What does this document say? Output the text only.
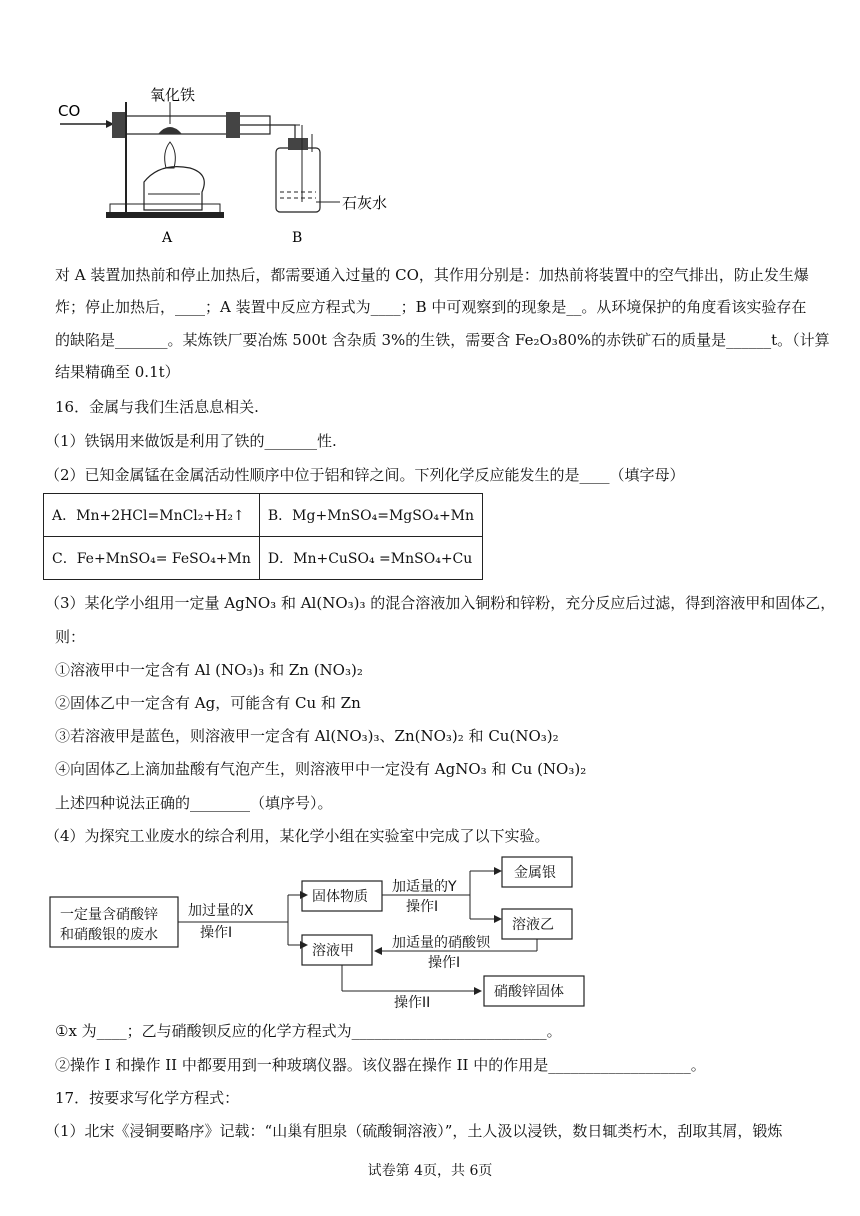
CO
氧化铁
石灰水
A	B
对 A 装置加热前和停止加热后，都需要通入过量的 CO，其作用分别是：加热前将装置中的空气排出，防止发生爆
炸；停止加热后，____；A 装置中反应方程式为____；B 中可观察到的现象是__。从环境保护的角度看该实验存在
的缺陷是_______。某炼铁厂要冶炼 500t 含杂质 3%的生铁，需要含 Fe₂O₃80%的赤铁矿石的质量是______t。（计算
结果精确至 0.1t）
16．金属与我们生活息息相关.
（1）铁锅用来做饭是利用了铁的_______性.
（2）已知金属锰在金属活动性顺序中位于铝和锌之间。下列化学反应能发生的是____（填字母）
A．Mn+2HCl=MnCl₂+H₂↑	B．Mg+MnSO₄=MgSO₄+Mn
C．Fe+MnSO₄= FeSO₄+Mn	D．Mn+CuSO₄ =MnSO₄+Cu
（3）某化学小组用一定量 AgNO₃ 和 Al(NO₃)₃ 的混合溶液加入铜粉和锌粉，充分反应后过滤，得到溶液甲和固体乙，
则：
①溶液甲中一定含有 Al (NO₃)₃ 和 Zn (NO₃)₂
②固体乙中一定含有 Ag，可能含有 Cu 和 Zn
③若溶液甲是蓝色，则溶液甲一定含有 Al(NO₃)₃、Zn(NO₃)₂ 和 Cu(NO₃)₂
④向固体乙上滴加盐酸有气泡产生，则溶液甲中一定没有 AgNO₃ 和 Cu (NO₃)₂
上述四种说法正确的________（填序号）。
（4）为探究工业废水的综合利用，某化学小组在实验室中完成了以下实验。
一定量含硝酸锌
和硝酸银的废水
加过量的X
操作I
固体物质
加适量的Y
操作I
金属银
溶液乙
加适量的硝酸钡
操作I
溶液甲
操作II
硝酸锌固体
①x 为____；乙与硝酸钡反应的化学方程式为__________________________。
②操作 I 和操作 II 中都要用到一种玻璃仪器。该仪器在操作 II 中的作用是___________________。
17．按要求写化学方程式：
（1）北宋《浸铜要略序》记载：“山巢有胆泉（硫酸铜溶液）”，土人汲以浸铁，数日辄类朽木，刮取其屑，锻炼
试卷第 4页，共 6页
